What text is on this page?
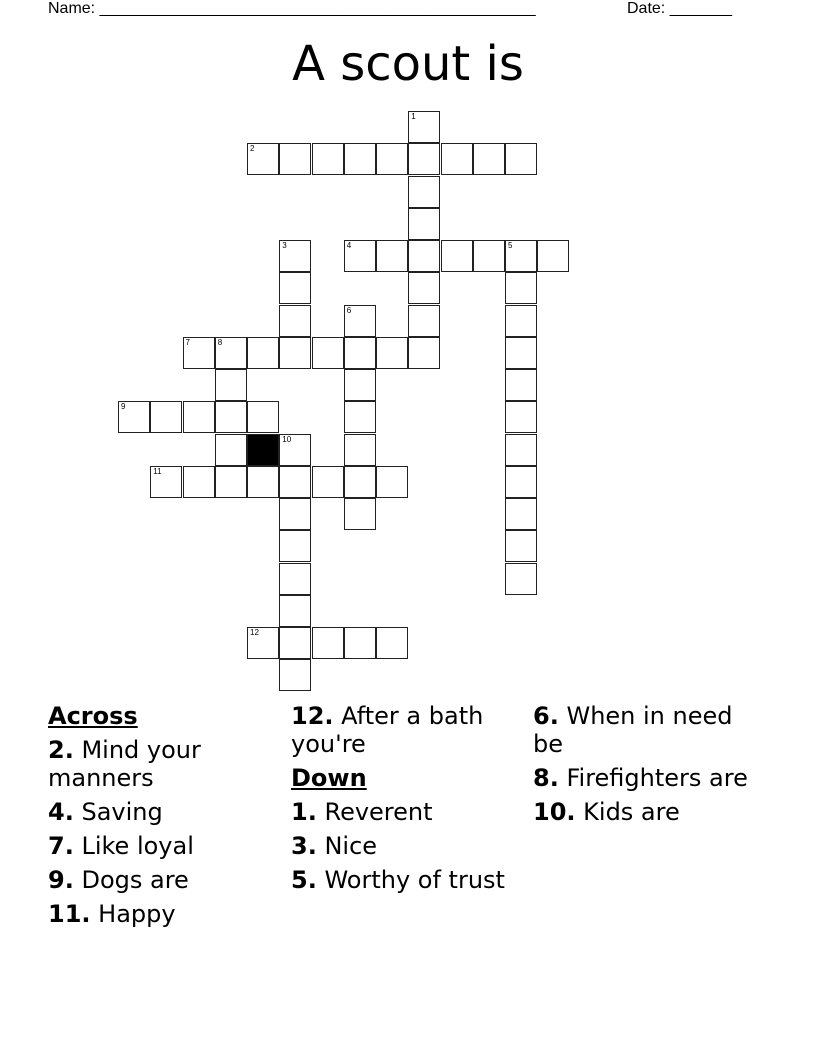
Name: _________________________________________________	Date: _______
A scout is
1
2
3	4	5
6
7	8
9
10
11
12
Across
2. Mind your manners
4. Saving
7. Like loyal
9. Dogs are
11. Happy
12. After a bath you're
Down
1. Reverent
3. Nice
5. Worthy of trust
6. When in need be
8. Firefighters are
10. Kids are
